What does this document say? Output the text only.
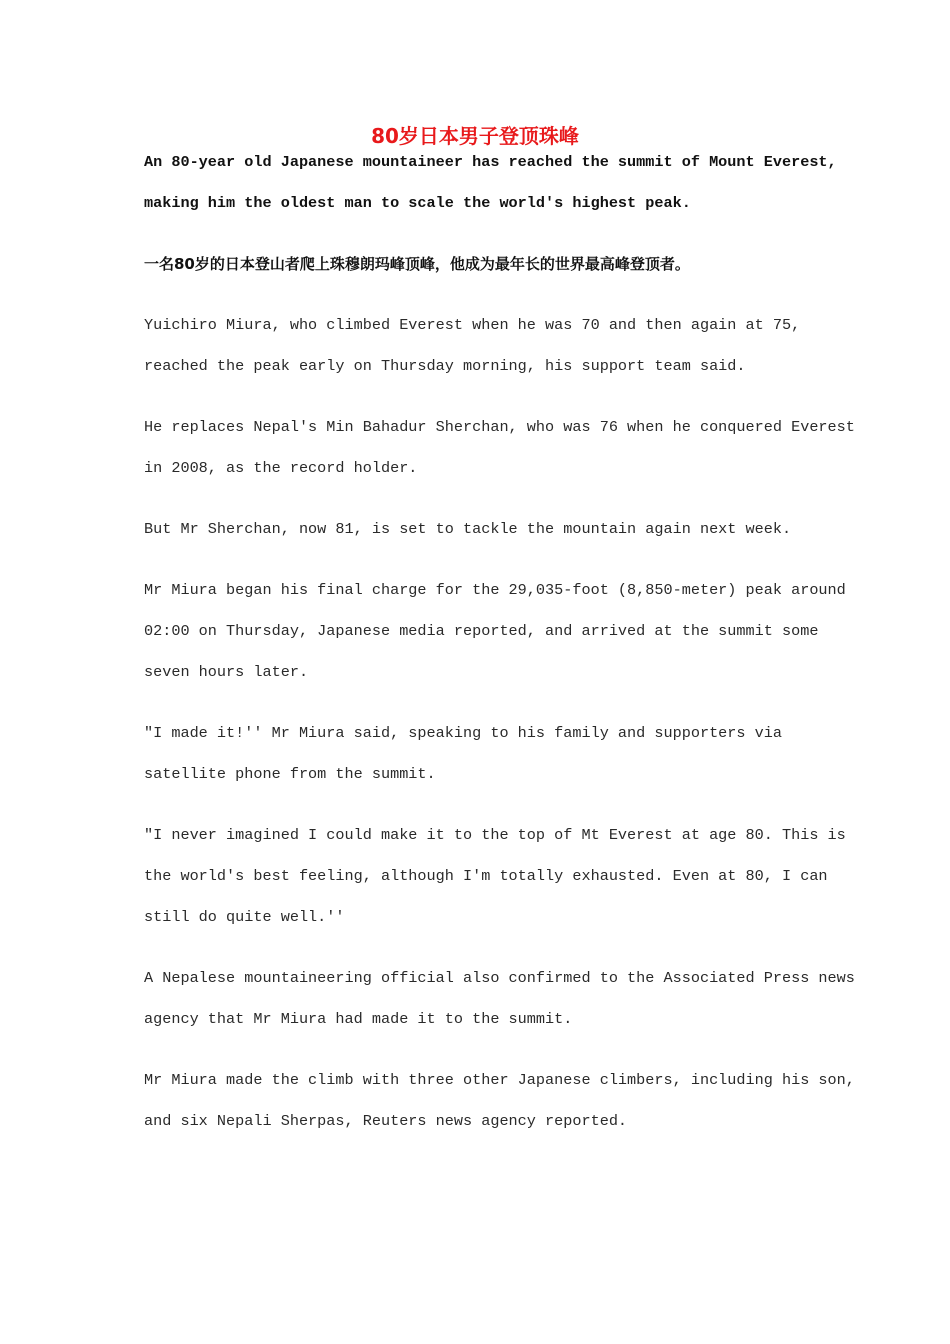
80岁日本男子登顶珠峰

An 80-year old Japanese mountaineer has reached the summit of Mount Everest,

making him the oldest man to scale the world's highest peak.

一名80岁的日本登山者爬上珠穆朗玛峰顶峰，他成为最年长的世界最高峰登顶者。

Yuichiro Miura, who climbed Everest when he was 70 and then again at 75,

reached the peak early on Thursday morning, his support team said.

He replaces Nepal's Min Bahadur Sherchan, who was 76 when he conquered Everest

in 2008, as the record holder.

But Mr Sherchan, now 81, is set to tackle the mountain again next week.

Mr Miura began his final charge for the 29,035-foot (8,850-meter) peak around

02:00 on Thursday, Japanese media reported, and arrived at the summit some

seven hours later.

"I made it!'' Mr Miura said, speaking to his family and supporters via

satellite phone from the summit.

"I never imagined I could make it to the top of Mt Everest at age 80. This is

the world's best feeling, although I'm totally exhausted. Even at 80, I can

still do quite well.''

A Nepalese mountaineering official also confirmed to the Associated Press news

agency that Mr Miura had made it to the summit.

Mr Miura made the climb with three other Japanese climbers, including his son,

and six Nepali Sherpas, Reuters news agency reported.
